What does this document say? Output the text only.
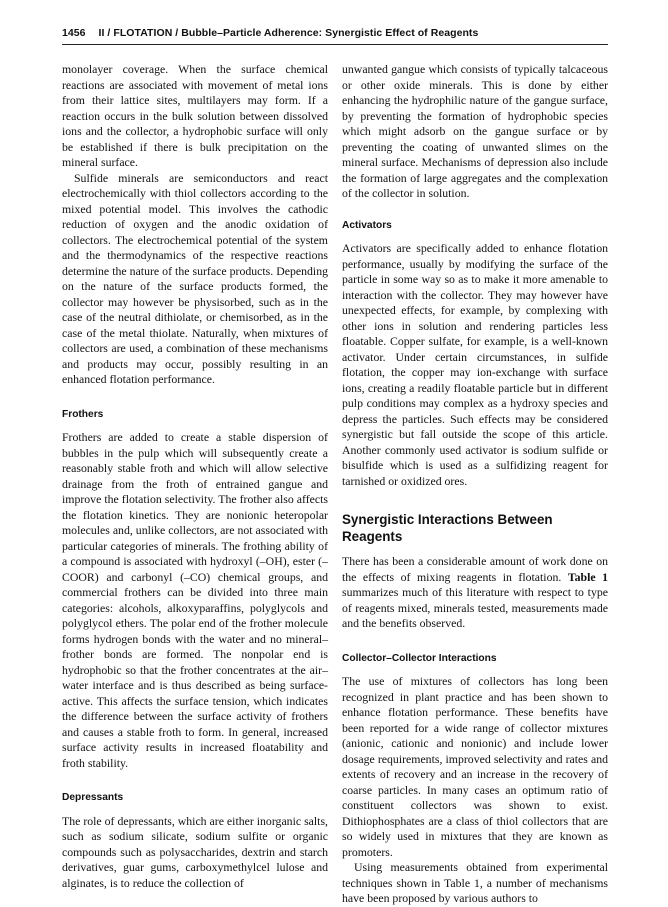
1456 II / FLOTATION / Bubble–Particle Adherence: Synergistic Effect of Reagents

monolayer coverage. When the surface chemical reactions are associated with movement of metal ions from their lattice sites, multilayers may form. If a reaction occurs in the bulk solution between dissolved ions and the collector, a hydrophobic surface will only be established if there is bulk precipitation on the mineral surface.

Sulfide minerals are semiconductors and react electrochemically with thiol collectors according to the mixed potential model. This involves the cathodic reduction of oxygen and the anodic oxidation of collectors. The electrochemical potential of the system and the thermodynamics of the respective reactions determine the nature of the surface products. Depending on the nature of the surface products formed, the collector may however be physisorbed, such as in the case of the neutral dithiolate, or chemisorbed, as in the case of the metal thiolate. Naturally, when mixtures of collectors are used, a combination of these mechanisms and products may occur, possibly resulting in an enhanced flotation performance.

Frothers

Frothers are added to create a stable dispersion of bubbles in the pulp which will subsequently create a reasonably stable froth and which will allow selective drainage from the froth of entrained gangue and improve the flotation selectivity. The frother also affects the flotation kinetics. They are nonionic heteropolar molecules and, unlike collectors, are not associated with particular categories of minerals. The frothing ability of a compound is associated with hydroxyl (–OH), ester (–COOR) and carbonyl (–CO) chemical groups, and commercial frothers can be divided into three main categories: alcohols, alkoxyparaffins, polyglycols and polyglycol ethers. The polar end of the frother molecule forms hydrogen bonds with the water and no mineral–frother bonds are formed. The nonpolar end is hydrophobic so that the frother concentrates at the air–water interface and is thus described as being surface-active. This affects the surface tension, which indicates the difference between the surface activity of frothers and causes a stable froth to form. In general, increased surface activity results in increased floatability and froth stability.

Depressants

The role of depressants, which are either inorganic salts, such as sodium silicate, sodium sulfite or organic compounds such as polysaccharides, dextrin and starch derivatives, guar gums, carboxymethylcel lulose and alginates, is to reduce the collection of

unwanted gangue which consists of typically talcaceous or other oxide minerals. This is done by either enhancing the hydrophilic nature of the gangue surface, by preventing the formation of hydrophobic species which might adsorb on the gangue surface or by preventing the coating of unwanted slimes on the mineral surface. Mechanisms of depression also include the formation of large aggregates and the complexation of the collector in solution.

Activators

Activators are specifically added to enhance flotation performance, usually by modifying the surface of the particle in some way so as to make it more amenable to interaction with the collector. They may however have unexpected effects, for example, by complexing with other ions in solution and rendering particles less floatable. Copper sulfate, for example, is a well-known activator. Under certain circumstances, in sulfide flotation, the copper may ion-exchange with surface ions, creating a readily floatable particle but in different pulp conditions may complex as a hydroxy species and depress the particles. Such effects may be considered synergistic but fall outside the scope of this article. Another commonly used activator is sodium sulfide or bisulfide which is used as a sulfidizing reagent for tarnished or oxidized ores.

Synergistic Interactions Between Reagents

There has been a considerable amount of work done on the effects of mixing reagents in flotation. Table 1 summarizes much of this literature with respect to type of reagents mixed, minerals tested, measurements made and the benefits observed.

Collector–Collector Interactions

The use of mixtures of collectors has long been recognized in plant practice and has been shown to enhance flotation performance. These benefits have been reported for a wide range of collector mixtures (anionic, cationic and nonionic) and include lower dosage requirements, improved selectivity and rates and extents of recovery and an increase in the recovery of coarse particles. In many cases an optimum ratio of constituent collectors was shown to exist. Dithiophosphates are a class of thiol collectors that are so widely used in mixtures that they are known as promoters.

Using measurements obtained from experimental techniques shown in Table 1, a number of mechanisms have been proposed by various authors to
